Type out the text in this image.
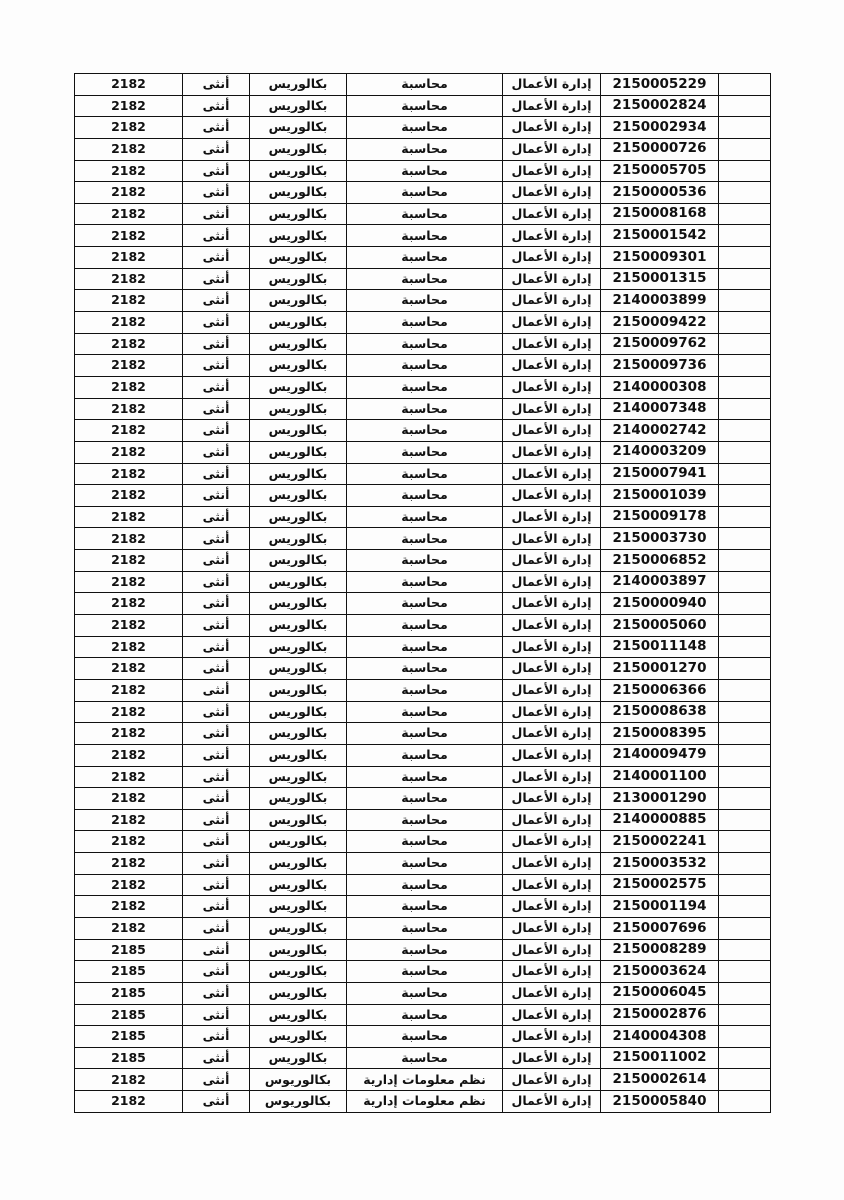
2182	أنثى	بكالوريس	محاسبة	إدارة الأعمال	2150005229
2182	أنثى	بكالوريس	محاسبة	إدارة الأعمال	2150002824
2182	أنثى	بكالوريس	محاسبة	إدارة الأعمال	2150002934
2182	أنثى	بكالوريس	محاسبة	إدارة الأعمال	2150000726
2182	أنثى	بكالوريس	محاسبة	إدارة الأعمال	2150005705
2182	أنثى	بكالوريس	محاسبة	إدارة الأعمال	2150000536
2182	أنثى	بكالوريس	محاسبة	إدارة الأعمال	2150008168
2182	أنثى	بكالوريس	محاسبة	إدارة الأعمال	2150001542
2182	أنثى	بكالوريس	محاسبة	إدارة الأعمال	2150009301
2182	أنثى	بكالوريس	محاسبة	إدارة الأعمال	2150001315
2182	أنثى	بكالوريس	محاسبة	إدارة الأعمال	2140003899
2182	أنثى	بكالوريس	محاسبة	إدارة الأعمال	2150009422
2182	أنثى	بكالوريس	محاسبة	إدارة الأعمال	2150009762
2182	أنثى	بكالوريس	محاسبة	إدارة الأعمال	2150009736
2182	أنثى	بكالوريس	محاسبة	إدارة الأعمال	2140000308
2182	أنثى	بكالوريس	محاسبة	إدارة الأعمال	2140007348
2182	أنثى	بكالوريس	محاسبة	إدارة الأعمال	2140002742
2182	أنثى	بكالوريس	محاسبة	إدارة الأعمال	2140003209
2182	أنثى	بكالوريس	محاسبة	إدارة الأعمال	2150007941
2182	أنثى	بكالوريس	محاسبة	إدارة الأعمال	2150001039
2182	أنثى	بكالوريس	محاسبة	إدارة الأعمال	2150009178
2182	أنثى	بكالوريس	محاسبة	إدارة الأعمال	2150003730
2182	أنثى	بكالوريس	محاسبة	إدارة الأعمال	2150006852
2182	أنثى	بكالوريس	محاسبة	إدارة الأعمال	2140003897
2182	أنثى	بكالوريس	محاسبة	إدارة الأعمال	2150000940
2182	أنثى	بكالوريس	محاسبة	إدارة الأعمال	2150005060
2182	أنثى	بكالوريس	محاسبة	إدارة الأعمال	2150011148
2182	أنثى	بكالوريس	محاسبة	إدارة الأعمال	2150001270
2182	أنثى	بكالوريس	محاسبة	إدارة الأعمال	2150006366
2182	أنثى	بكالوريس	محاسبة	إدارة الأعمال	2150008638
2182	أنثى	بكالوريس	محاسبة	إدارة الأعمال	2150008395
2182	أنثى	بكالوريس	محاسبة	إدارة الأعمال	2140009479
2182	أنثى	بكالوريس	محاسبة	إدارة الأعمال	2140001100
2182	أنثى	بكالوريس	محاسبة	إدارة الأعمال	2130001290
2182	أنثى	بكالوريس	محاسبة	إدارة الأعمال	2140000885
2182	أنثى	بكالوريس	محاسبة	إدارة الأعمال	2150002241
2182	أنثى	بكالوريس	محاسبة	إدارة الأعمال	2150003532
2182	أنثى	بكالوريس	محاسبة	إدارة الأعمال	2150002575
2182	أنثى	بكالوريس	محاسبة	إدارة الأعمال	2150001194
2182	أنثى	بكالوريس	محاسبة	إدارة الأعمال	2150007696
2185	أنثى	بكالوريس	محاسبة	إدارة الأعمال	2150008289
2185	أنثى	بكالوريس	محاسبة	إدارة الأعمال	2150003624
2185	أنثى	بكالوريس	محاسبة	إدارة الأعمال	2150006045
2185	أنثى	بكالوريس	محاسبة	إدارة الأعمال	2150002876
2185	أنثى	بكالوريس	محاسبة	إدارة الأعمال	2140004308
2185	أنثى	بكالوريس	محاسبة	إدارة الأعمال	2150011002
2182	أنثى	بكالوريوس	نظم معلومات إدارية	إدارة الأعمال	2150002614
2182	أنثى	بكالوريوس	نظم معلومات إدارية	إدارة الأعمال	2150005840
